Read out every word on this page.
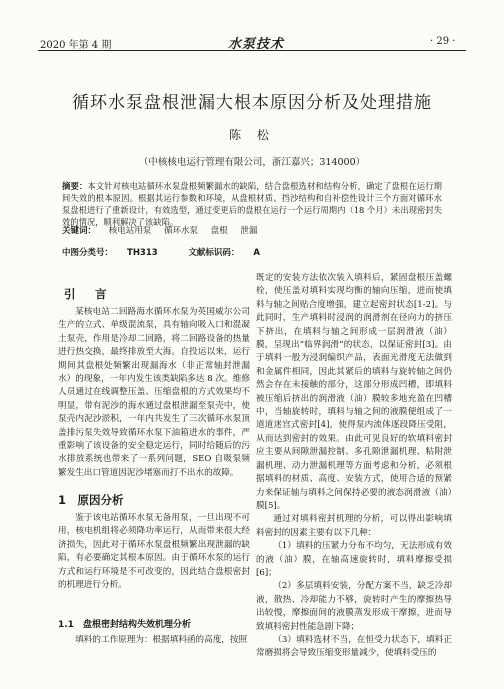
2020 年第 4 期	水泵技术	· 29 ·
循环水泵盘根泄漏大根本原因分析及处理措施
陈 松
（中核核电运行管理有限公司，浙江嘉兴；314000）
摘要：本文针对核电站循环水泵盘根频繁漏水的缺陷，结合盘根选材和结构分析，确定了盘根在运行期间失效的根本原因。根据其运行参数和环境，从盘根材质、挡沙结构和自补偿性设计三个方面对循环水泵盘根进行了重新设计，有效选型，通过变更后的盘根在运行一个运行周期内（18 个月）未出现密封失效的情况，顺利解决了该缺陷。
关键词： 核电站用泵 循环水泵 盘根 泄漏
中图分类号： TH313	文献标识码： A
引　言

某核电站二回路海水循环水泵为英国威尔公司生产的立式、单级混流泵，具有轴向吸入口和混凝土泵壳，作用是冷却二回路，将二回路设备的热量进行热交换，最终排放至大海。自投运以来，运行期间其盘根处频繁出现漏海水（非正常轴封泄漏水）的现象，一年内发生该类缺陷多达 8 次。维修人员通过在线调整压盖、压缩盘根的方式效果均不明显，带有泥沙的海水通过盘根泄漏至泵壳中，使泵壳内泥沙淤积，一年内共发生了三次循环水泵顶盖排污泵失效导致循环水泵下油箱进水的事件，严重影响了该设备的安全稳定运行，同时给随后的污水排放系统也带来了一系列问题，SEO 自吸泵频繁发生出口管道因泥沙堵塞而打不出水的故障。

1　原因分析

鉴于该电站循环水泵无备用泵，一旦出现不可用，核电机组将必须降功率运行，从而带来很大经济损失，因此对于循环水泵盘根频繁出现泄漏的缺陷，有必要确定其根本原因。由于循环水泵的运行方式和运行环境是不可改变的，因此结合盘根密封的机理进行分析。

1.1　盘根密封结构失效机理分析

填料的工作原理为：根据填料函的高度，按照

既定的安装方法依次装入填料后，紧固盘根压盖螺栓，使压盖对填料实现均衡的轴向压缩，进而使填料与轴之间贴合度增强，建立起密封状态[1-2]。与此同时，生产填料时浸润的润滑剂在径向力的挤压下挤出，在填料与轴之间形成一层润滑液（油）膜，呈现出“临界润滑”的状态，以保证密封[3]。由于填料一般为浸润编织产品，表面光滑度无法做到和金属件相同，因此其紧后的填料与旋转轴之间仍然会存在未接触的部分，这部分形成凹槽，即填料被压缩后挤出的润滑液（油）膜较多地充盈在凹槽中，当轴旋转时，填料与轴之间的液膜便组成了一道道迷宫式密封[4]，使得泵内流体逐段降压受阻，从而达到密封的效果。由此可见良好的软填料密封应主要从间隙泄漏控制、多孔隙泄漏机理、粘附泄漏机理、动力泄漏机理等方面考虑和分析，必须根据填料的材质、高度、安装方式，使用合适的预紧力来保证轴与填料之间保持必要的液态润滑液（油）膜[5]。

通过对填料密封机理的分析，可以得出影响填料密封的因素主要有以下几种：

（1）填料的压紧力分布不均匀，无法形成有效的液（油）膜，在轴高速旋转时，填料摩擦受损[6]；

（2）多层填料安装，分配方案不当，缺乏冷却液，散热、冷却能力不够，旋转时产生的摩擦热导出较慢，摩擦面间的液膜蒸发形成干摩擦，进而导致填料密封性能急剧下降；

（3）填料选材不当，在恒受力状态下，填料正常磨损将会导致压缩变形量减少，使填料受压的
